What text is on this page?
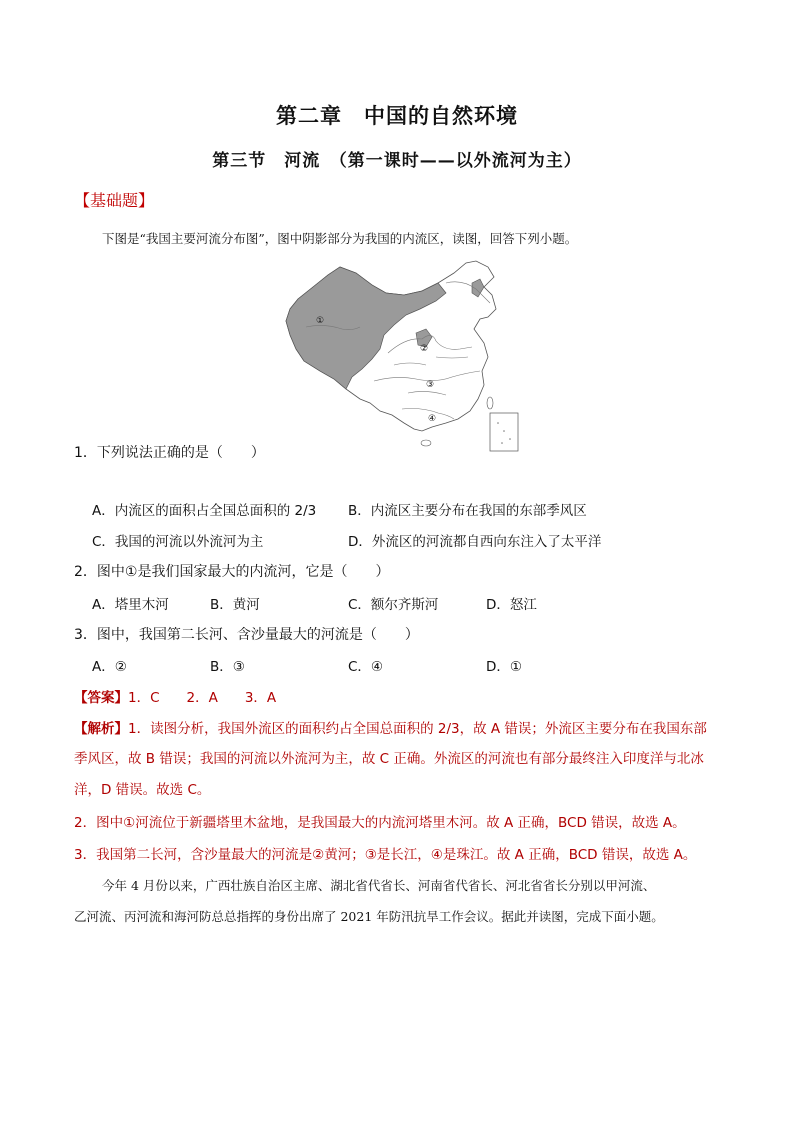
第二章　中国的自然环境
第三节　河流　（第一课时——以外流河为主）
【基础题】
下图是“我国主要河流分布图”，图中阴影部分为我国的内流区，读图，回答下列小题。
①
②
③
④
1．下列说法正确的是（　　）
A．内流区的面积占全国总面积的 2/3 B．内流区主要分布在我国的东部季风区
C．我国的河流以外流河为主	D．外流区的河流都自西向东注入了太平洋
2．图中①是我们国家最大的内流河，它是（　　）
A．塔里木河	B．黄河	C．额尔齐斯河	D．怒江
3．图中，我国第二长河、含沙量最大的河流是（　　）
A．②	B．③	C．④	D．①
【答案】1．C　　2．A　　3．A
【解析】1．读图分析，我国外流区的面积约占全国总面积的 2/3，故 A 错误；外流区主要分布在我国东部
季风区，故 B 错误；我国的河流以外流河为主，故 C 正确。外流区的河流也有部分最终注入印度洋与北冰
洋，D 错误。故选 C。
2．图中①河流位于新疆塔里木盆地，是我国最大的内流河塔里木河。故 A 正确，BCD 错误，故选 A。
3．我国第二长河，含沙量最大的河流是②黄河；③是长江，④是珠江。故 A 正确，BCD 错误，故选 A。
今年 4 月份以来，广西壮族自治区主席、湖北省代省长、河南省代省长、河北省省长分别以甲河流、
乙河流、丙河流和海河防总总指挥的身份出席了 2021 年防汛抗旱工作会议。据此并读图，完成下面小题。
